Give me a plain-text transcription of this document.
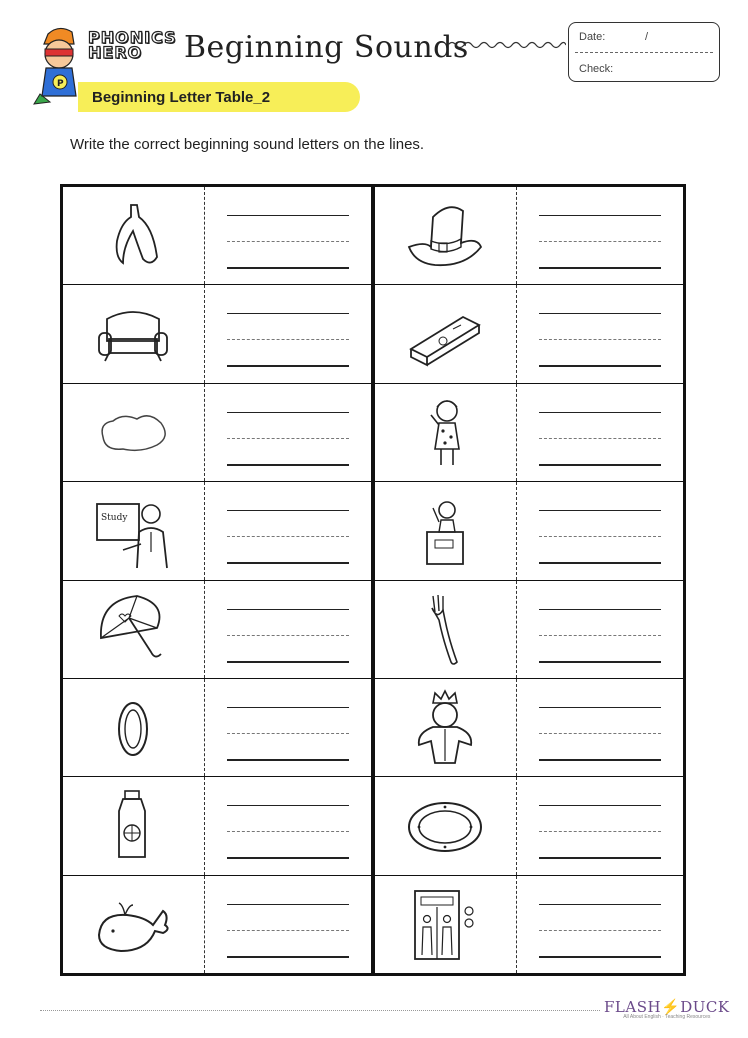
P
PHONICS HERO	Beginning Sounds	Date:	/
Check:
Beginning Letter Table_2
Write the correct beginning sound letters on the lines.
Study
FLASH⚡DUCK
All About English · Teaching Resources
